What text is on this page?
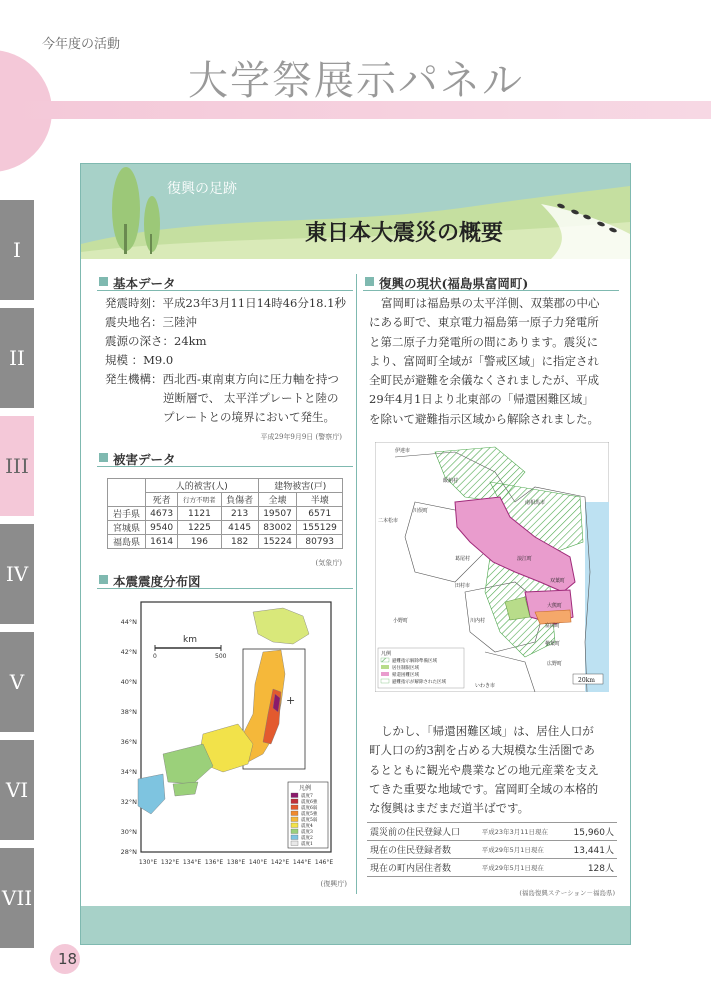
今年度の活動
大学祭展示パネル
I
II
III
IV
V
VI
VII
復興の足跡
東日本大震災の概要
基本データ
発震時刻：平成23年3月11日14時46分18.1秒
震央地名：三陸沖
震源の深さ：24km
規模 ：M9.0
発生機構：西北西-東南東方向に圧力軸を持つ
逆断層で、 太平洋プレートと陸の
プレートとの境界において発生。
平成29年9月9日 (警察庁)
被害データ
	人的被害(人)			建物被害(戸)	
	死者	行方不明者	負傷者	全壊	半壊
岩手県	4673	1121	213	19507	6571
宮城県	9540	1225	4145	83002	155129
福島県	1614	196	182	15224	80793
(気象庁)
本震震度分布図
44°N
42°N
40°N
38°N
36°N
34°N
32°N
30°N
28°N
130°E 132°E 134°E 136°E 138°E 140°E 142°E 144°E 146°E
km
0	500
+
凡例
震度7
震度6強
震度6弱
震度5強
震度5弱
震度4
震度3
震度2
震度1
(復興庁)
復興の現状(福島県富岡町)
富岡町は福島県の太平洋側、双葉郡の中心
にある町で、東京電力福島第一原子力発電所
と第二原子力発電所の間にあります。震災に
より、富岡町全域が「警戒区域」に指定され
全町民が避難を余儀なくされましたが、平成
29年4月1日より北東部の「帰還困難区域」
を除いて避難指示区域から解除されました。
伊達市
川俣町
南相馬市
二本松市
浪江町
葛尾村
双葉町
大熊町
田村市
富岡町
川内村
楢葉町
広野町
小野町
いわき市
飯舘村
凡例
避難指示解除準備区域
居住制限区域
帰還困難区域
避難指示が解除された区域	20km
しかし、「帰還困難区域」は、居住人口が
町人口の約3割を占める大規模な生活圏であ
るとともに観光や農業などの地元産業を支え
てきた重要な地域です。富岡町全域の本格的
な復興はまだまだ道半ばです。
震災前の住民登録人口	平成23年3月11日現在	15,960人
現在の住民登録者数	平成29年5月1日現在	13,441人
現在の町内居住者数	平成29年5月1日現在	128人
(福島復興ステーション－福島県)
18
